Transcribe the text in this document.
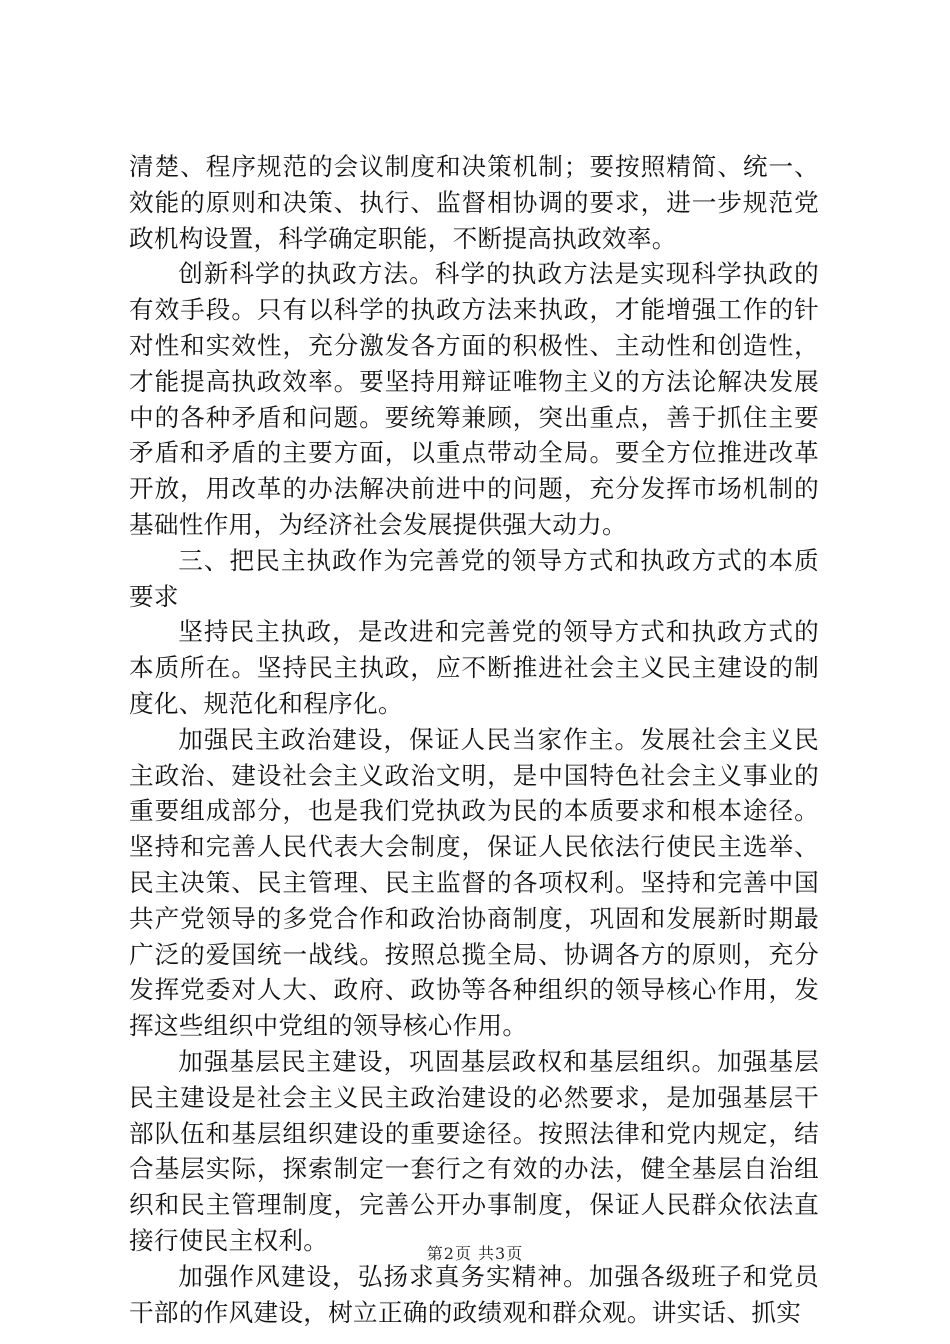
清楚、程序规范的会议制度和决策机制；要按照精简、统一、效能的原则和决策、执行、监督相协调的要求，进一步规范党政机构设置，科学确定职能，不断提高执政效率。

创新科学的执政方法。科学的执政方法是实现科学执政的有效手段。只有以科学的执政方法来执政，才能增强工作的针对性和实效性，充分激发各方面的积极性、主动性和创造性，才能提高执政效率。要坚持用辩证唯物主义的方法论解决发展中的各种矛盾和问题。要统筹兼顾，突出重点，善于抓住主要矛盾和矛盾的主要方面，以重点带动全局。要全方位推进改革开放，用改革的办法解决前进中的问题，充分发挥市场机制的基础性作用，为经济社会发展提供强大动力。

三、把民主执政作为完善党的领导方式和执政方式的本质要求

坚持民主执政，是改进和完善党的领导方式和执政方式的本质所在。坚持民主执政，应不断推进社会主义民主建设的制度化、规范化和程序化。

加强民主政治建设，保证人民当家作主。发展社会主义民主政治、建设社会主义政治文明，是中国特色社会主义事业的重要组成部分，也是我们党执政为民的本质要求和根本途径。坚持和完善人民代表大会制度，保证人民依法行使民主选举、民主决策、民主管理、民主监督的各项权利。坚持和完善中国共产党领导的多党合作和政治协商制度，巩固和发展新时期最广泛的爱国统一战线。按照总揽全局、协调各方的原则，充分发挥党委对人大、政府、政协等各种组织的领导核心作用，发挥这些组织中党组的领导核心作用。

加强基层民主建设，巩固基层政权和基层组织。加强基层民主建设是社会主义民主政治建设的必然要求，是加强基层干部队伍和基层组织建设的重要途径。按照法律和党内规定，结合基层实际，探索制定一套行之有效的办法，健全基层自治组织和民主管理制度，完善公开办事制度，保证人民群众依法直接行使民主权利。

加强作风建设，弘扬求真务实精神。加强各级班子和党员干部的作风建设，树立正确的政绩观和群众观。讲实话、抓实

第2页 共3页
